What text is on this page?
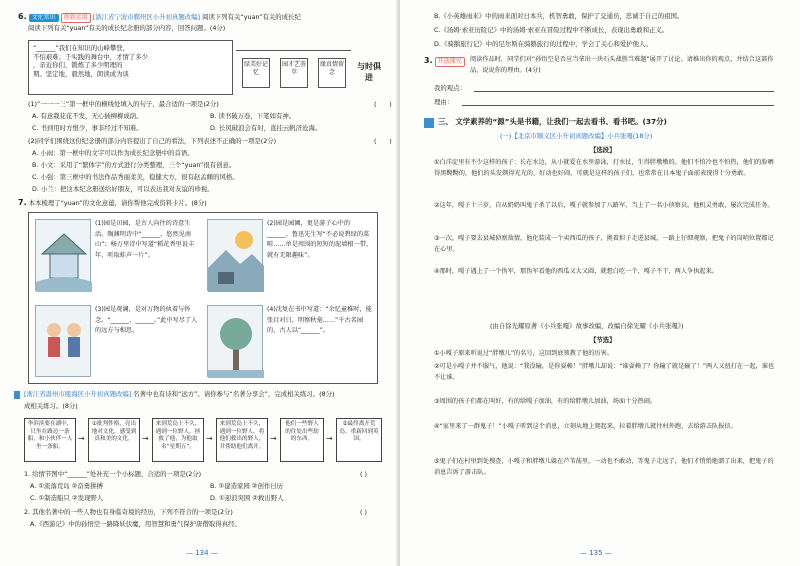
6. 文化常识 创新运用 [浙江省宁波市鄞州区小升初真题改编] 阅读下列有关“yuan”有关的成长纪
阅读下列有关“yuan”有关的成长纪念册的部分内容，回答问题。(4分)
“______”我们在知识的山峰攀登，
不怕艰难；于实践的舞台中，才情了多少
，亲近你们，锻炼了多少明理的
期。坚定地，毅然地，朗读成为谈
绿美好记忆
园才艺荟萃
缘真情留念
与时俱进
(1)“一一一三”第一框中的横线处填入的句子，最合适的一项是(2分)	(　　)
A. 有意栽花花不发，无心插柳柳成荫。	B. 读书破万卷，下笔如有神。
C. 书到用时方恨少，事非经过不知难。	D. 长风破浪会有时，直挂云帆济沧海。
(2)同学们围绕这份纪念册的部分内容提出了自己的看法，下列表述不正确的一项是(2分)	(　　)
A. 小雨：第一框中的文字可以作为成长纪念册中的首语。
B. 小文：采用了“繁体字”的方式进行分类整理，三个“yuan”很有创意。
C. 小强：第三框中的书法作品秀丽柔美，稳健大方，很有赵孟頫的风格。
D. 小兰：把这本纪念册送给好朋友，可以表达我对友谊的珍视。
7. 本本梳理了“yuan”的文化意蕴，请你帮他完成资料卡片。(8分)
(1)园是田园，是古人向往的诗意生活。陶渊明诗中“______，悠然见南山”；杨万里诗中写道“稻花香里说丰年，听取蛙声一片”。
(2)园是园圃，更是游子心中的______。鲁迅先生写“不必说碧绿的菜畦……单是周围的短短的泥墙根一带，就有无限趣味”。
(3)园是观澜，是对万物的执着与怀念。“______，______。”此中写尽了人的远方与相思。
(4)沈复在书中写道：“余忆童稚时，能张目对日，明察秋毫……”千古名园的，古人以“______”。
[浙江省温州市瓯海区小升初真题改编] 名著中也有诗和“远方”。请你参与“名著分享会”，完成相关练习。(8分)
成相关练习。(8分)
李滨滨要在湖中，只坐在路边一条船，和小伙伴一人坐一条船。
→
①批判性格，亮出地对文化，感受到真和美的文化。	→
来到荒岛上不久，遇到一位野人，拯救了他，为他取名“星期五”。
→
来到荒岛上不久，遇到一位野人，将他们救出的野人，并帮助他们离开。
→
他们一些野人的住处出些劫的东西。	→
②最终离开荒岛，重新回到英国。
1. 给情节图中“______”处补充一个小标题，合适的一项是(2分)	( )
A. ①流落荒岛 ②奋勇拼搏	B. ①建造家园 ②创作日历
C. ①制造船只 ②发现野人	D. ①迎浪突围 ②救出野人
2. 其他名著中的一些人物也有身临奇境的经历，下列不符合的一项是(2分)	( )
A.《西游记》中的孙悟空一路降妖伏魔，用智慧和勇气保护唐僧取得真经。
— 134 —
B.《小英雄雨来》中的雨来面对日本兵，机智勇敢，保护了交通员，忠诚于自己的祖国。
C.《汤姆·索亚历险记》中的汤姆·索亚在冒险过程中不断成长，表现出勇敢和正义。
D.《骑鹅旅行记》中的尼尔斯在骑鹅旅行的过程中，学会了关心和爱护他人。
3. 开放探究	阅读作品时，同学们对“孙悟空是否应当拿出一块石头战胜当难题”展开了讨论。请推出你的观点，并结合这部作品，说说你的理由。(4分)
我的观点：
理由：
三、 文学素养的“源”头是书籍，让我们一起去看书、看书吧。(37分)
(一)【北京市顺义区小升初真题改编】小兵张嘎(18分)
【选段】
①白洋淀里有不少这样的孩子：长在水边，从小就爱在水里游泳，打水仗，生得胖墩墩的。他们不怕冷也不怕热，他们的脸晒得黑黝黝的，他们的头发剃得光光的，好动也好闹，可就是这样的孩子们，也常常在日本鬼子面前表现得十分勇敢。
②这年，嘎子十三岁，自从奶奶叫鬼子杀了以后，嘎子就参加了八路军，当上了一名小侦察员。他机灵勇敢，屡次完成任务。
③一次，嘎子要去县城侦察敌情，他化装成一个卖西瓜的孩子，挑着担子走进县城，一路上仔细观察，把鬼子的岗哨位置都记在心里。
④那时，嘎子遇上了一个伪军，那伪军看他的西瓜又大又圆，就想白吃一个，嘎子不干，两人争执起来。
(由自徐光耀原著《小兵张嘎》故事改编，改编自徐光耀《小兵张嘎》)
【节选】
①小嘎子原来听说过“胖墩儿”的名号，这回到底领教了他的厉害。
②可是小嘎子并不服气，他说：“我没输，是你耍赖！”胖墩儿却说：“谁耍赖了？你输了就是输了！”两人又扭打在一起，谁也不让谁。
③周围的孩子们都在叫好，有的给嘎子加油，有的给胖墩儿加油，场面十分热闹。
④“家里来了一群鬼子！”小嘎子听到这个消息，立刻从地上爬起来，拉着胖墩儿就往村外跑，去给游击队报信。
⑤鬼子们在村里到处搜查，小嘎子和胖墩儿躲在芦苇荡里，一动也不敢动，等鬼子走远了，他们才悄悄地溜了出来，把鬼子的消息告诉了游击队。
— 135 —
